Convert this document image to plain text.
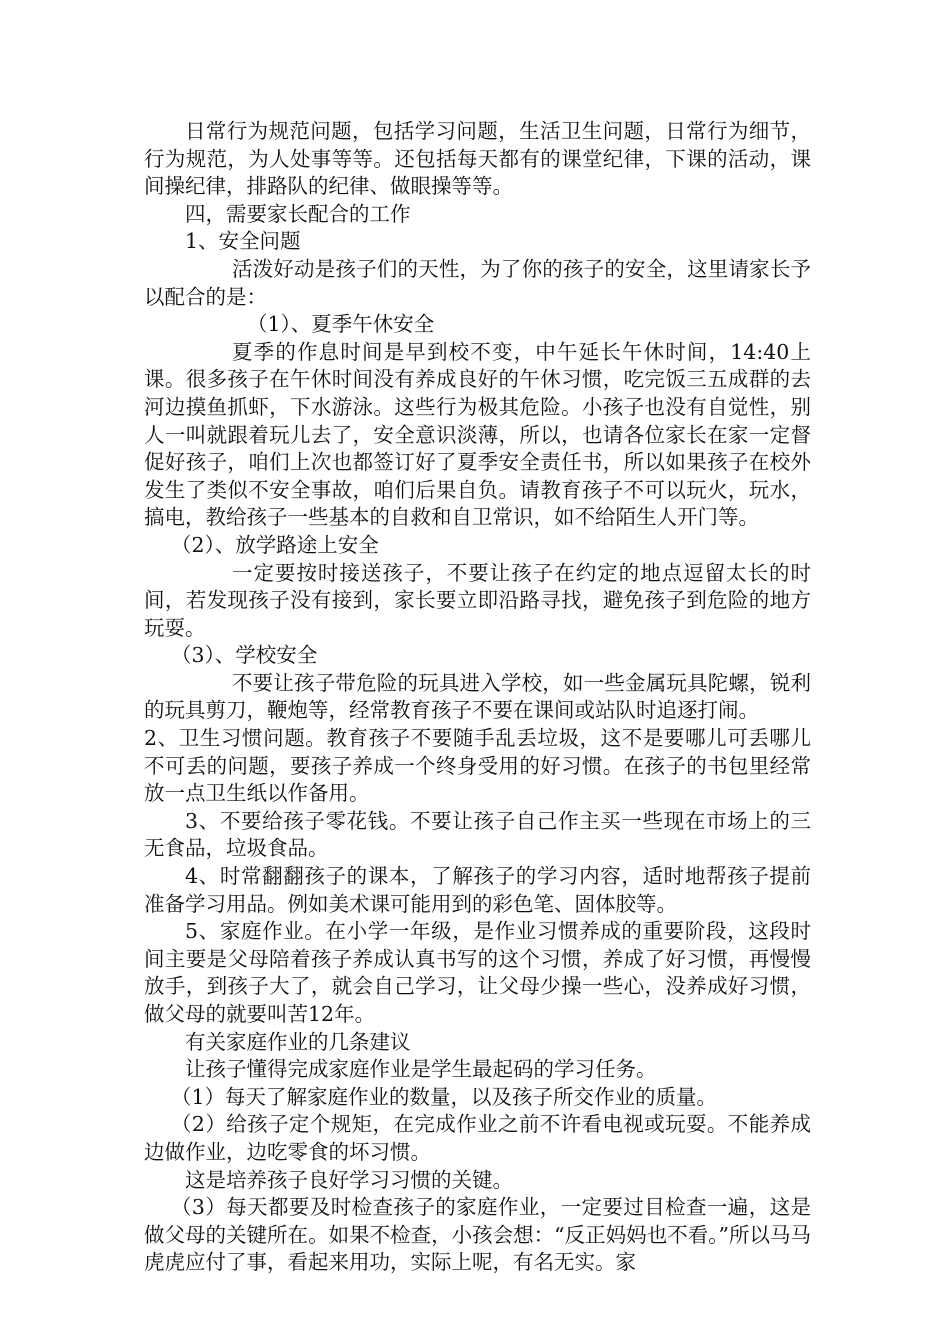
日常行为规范问题，包括学习问题，生活卫生问题，日常行为细节，行为规范，为人处事等等。还包括每天都有的课堂纪律，下课的活动，课间操纪律，排路队的纪律、做眼操等等。

四，需要家长配合的工作

1、安全问题

活泼好动是孩子们的天性，为了你的孩子的安全，这里请家长予以配合的是：

（1）、夏季午休安全

夏季的作息时间是早到校不变，中午延长午休时间，14:40上课。很多孩子在午休时间没有养成良好的午休习惯，吃完饭三五成群的去河边摸鱼抓虾，下水游泳。这些行为极其危险。小孩子也没有自觉性，别人一叫就跟着玩儿去了，安全意识淡薄，所以，也请各位家长在家一定督促好孩子，咱们上次也都签订好了夏季安全责任书，所以如果孩子在校外发生了类似不安全事故，咱们后果自负。请教育孩子不可以玩火，玩水，搞电，教给孩子一些基本的自救和自卫常识，如不给陌生人开门等。

（2）、放学路途上安全

一定要按时接送孩子，不要让孩子在约定的地点逗留太长的时间，若发现孩子没有接到，家长要立即沿路寻找，避免孩子到危险的地方玩耍。

（3）、学校安全

不要让孩子带危险的玩具进入学校，如一些金属玩具陀螺，锐利的玩具剪刀，鞭炮等，经常教育孩子不要在课间或站队时追逐打闹。

2、卫生习惯问题。教育孩子不要随手乱丢垃圾，这不是要哪儿可丢哪儿不可丢的问题，要孩子养成一个终身受用的好习惯。在孩子的书包里经常放一点卫生纸以作备用。

3、不要给孩子零花钱。不要让孩子自己作主买一些现在市场上的三无食品，垃圾食品。

4、时常翻翻孩子的课本，了解孩子的学习内容，适时地帮孩子提前准备学习用品。例如美术课可能用到的彩色笔、固体胶等。

5、家庭作业。在小学一年级，是作业习惯养成的重要阶段，这段时间主要是父母陪着孩子养成认真书写的这个习惯，养成了好习惯，再慢慢放手，到孩子大了，就会自己学习，让父母少操一些心，没养成好习惯，做父母的就要叫苦12年。

有关家庭作业的几条建议

让孩子懂得完成家庭作业是学生最起码的学习任务。

（1）每天了解家庭作业的数量，以及孩子所交作业的质量。

（2）给孩子定个规矩，在完成作业之前不许看电视或玩耍。不能养成边做作业，边吃零食的坏习惯。

这是培养孩子良好学习习惯的关键。

（3）每天都要及时检查孩子的家庭作业，一定要过目检查一遍，这是做父母的关键所在。如果不检查，小孩会想：“反正妈妈也不看。”所以马马虎虎应付了事，看起来用功，实际上呢，有名无实。家
